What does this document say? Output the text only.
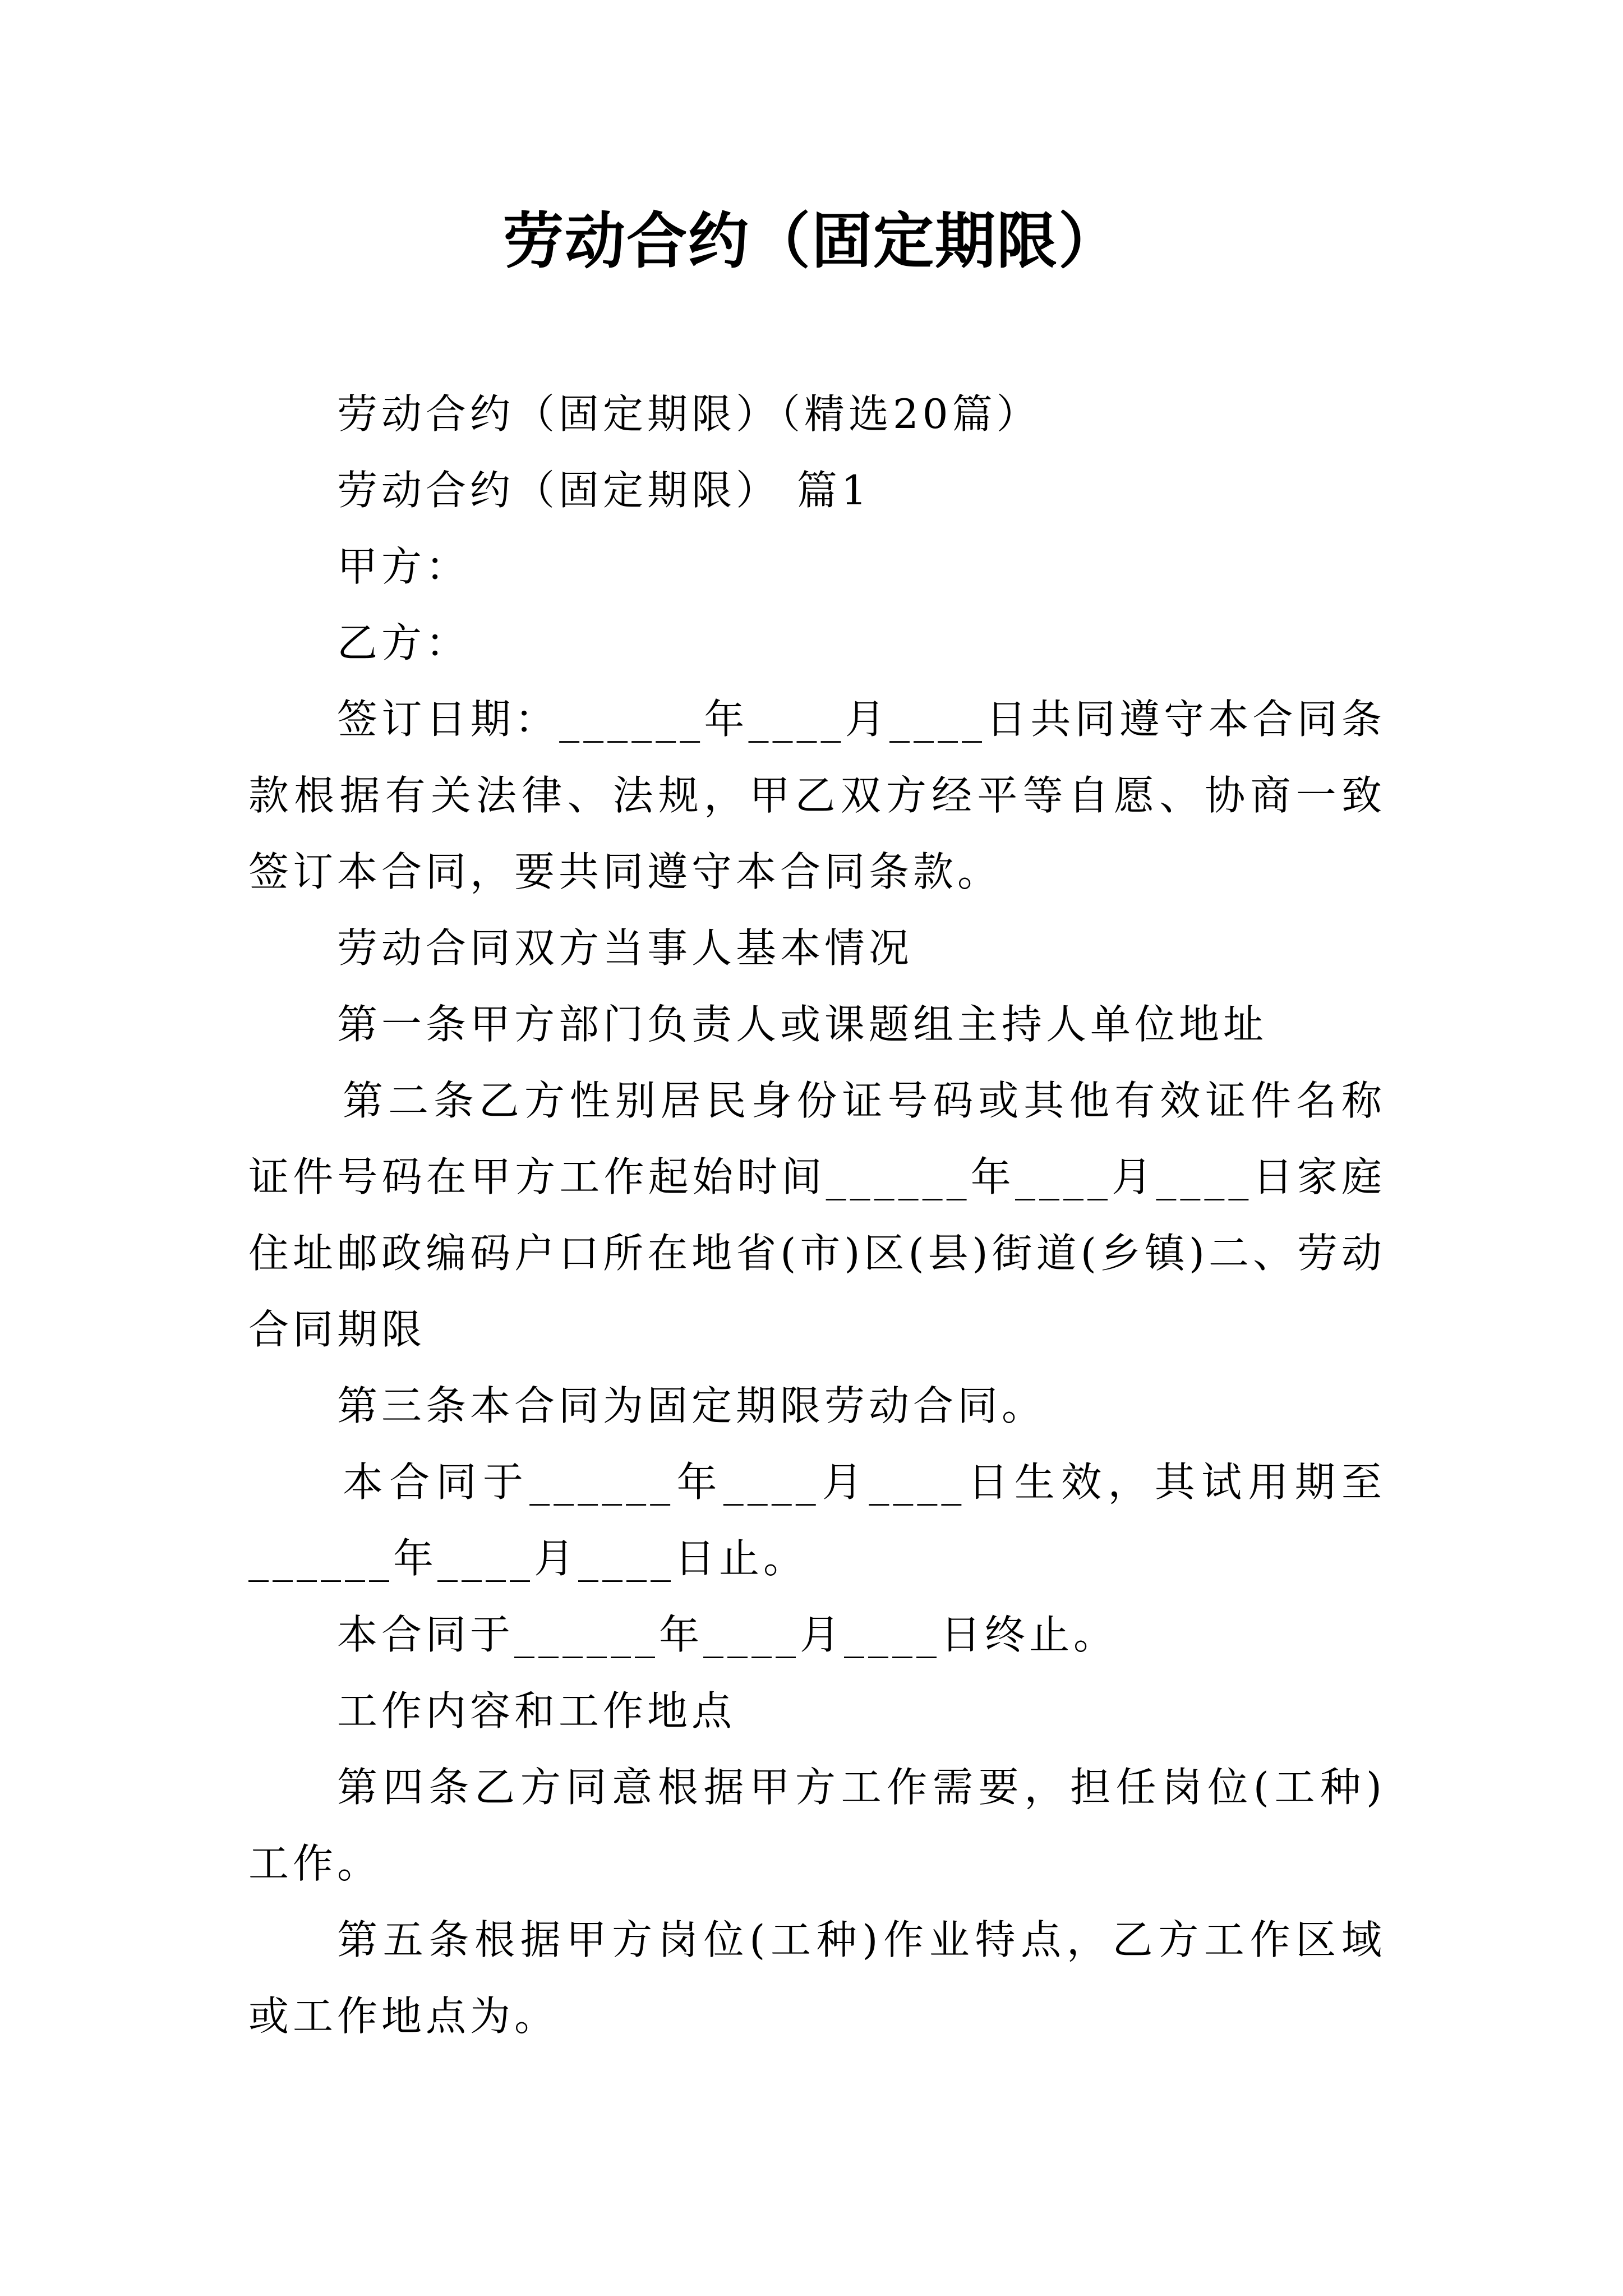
劳动合约（固定期限）

劳动合约（固定期限）（精选20篇）

劳动合约（固定期限） 篇1

甲方：

乙方：

签订日期：______年____月____日共同遵守本合同条款根据有关法律、法规，甲乙双方经平等自愿、协商一致签订本合同，要共同遵守本合同条款。

劳动合同双方当事人基本情况

第一条甲方部门负责人或课题组主持人单位地址

第二条乙方性别居民身份证号码或其他有效证件名称证件号码在甲方工作起始时间______年____月____日家庭住址邮政编码户口所在地省(市)区(县)街道(乡镇)二、劳动合同期限

第三条本合同为固定期限劳动合同。

本合同于______年____月____日生效，其试用期至______年____月____日止。

本合同于______年____月____日终止。

工作内容和工作地点

第四条乙方同意根据甲方工作需要，担任岗位(工种)工作。

第五条根据甲方岗位(工种)作业特点，乙方工作区域或工作地点为。
